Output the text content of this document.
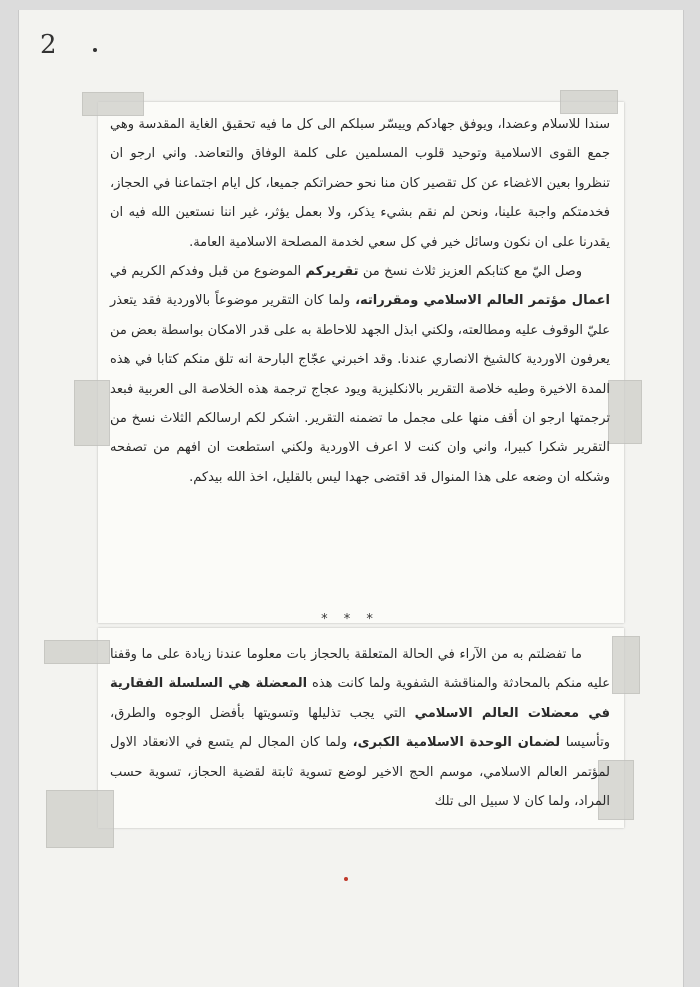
2

سندا للاسلام وعضدا، ويوفق جهادكم وييسّر سبلكم الى كل ما فيه تحقيق الغاية المقدسة وهي جمع القوى الاسلامية وتوحيد قلوب المسلمين على كلمة الوفاق والتعاضد. واني ارجو ان تنظروا بعين الاغضاء عن كل تقصير كان منا نحو حضراتكم جميعا، كل ايام اجتماعنا في الحجاز، فخدمتكم واجبة علينا، ونحن لم نقم بشيء يذكر، ولا بعمل يؤثر، غير اننا نستعين الله فيه ان يقدرنا على ان نكون وسائل خير في كل سعي لخدمة المصلحة الاسلامية العامة.

وصل اليّ مع كتابكم العزيز ثلاث نسخ من تقريركم الموضوع من قبل وفدكم الكريم في اعمال مؤتمر العالم الاسلامي ومقرراته، ولما كان التقرير موضوعاً بالاوردية فقد يتعذر عليّ الوقوف عليه ومطالعته، ولكني ابذل الجهد للاحاطة به على قدر الامكان بواسطة بعض من يعرفون الاوردية كالشيخ الانصاري عندنا. وقد اخبرني عجّاج البارحة انه تلق منكم كتابا في هذه المدة الاخيرة وطيه خلاصة التقرير بالانكليزية ويود عجاج ترجمة هذه الخلاصة الى العربية فبعد ترجمتها ارجو ان أقف منها على مجمل ما تضمنه التقرير. اشكر لكم ارسالكم الثلاث نسخ من التقرير شكرا كبيرا، واني وان كنت لا اعرف الاوردية ولكني استطعت ان افهم من تصفحه وشكله ان وضعه على هذا المنوال قد اقتضى جهدا ليس بالقليل، اخذ الله بيدكم.

* * *

ما تفضلتم به من الآراء في الحالة المتعلقة بالحجاز بات معلوما عندنا زيادة على ما وقفنا عليه منكم بالمحادثة والمناقشة الشفوية ولما كانت هذه المعضلة هي السلسلة الفقارية في معضلات العالم الاسلامي التي يجب تذليلها وتسويتها بأفضل الوجوه والطرق، وتأسيسا لضمان الوحدة الاسلامية الكبرى، ولما كان المجال لم يتسع في الانعقاد الاول لمؤتمر العالم الاسلامي، موسم الحج الاخير لوضع تسوية ثابتة لقضية الحجاز، تسوية حسب المراد، ولما كان لا سبيل الى تلك
